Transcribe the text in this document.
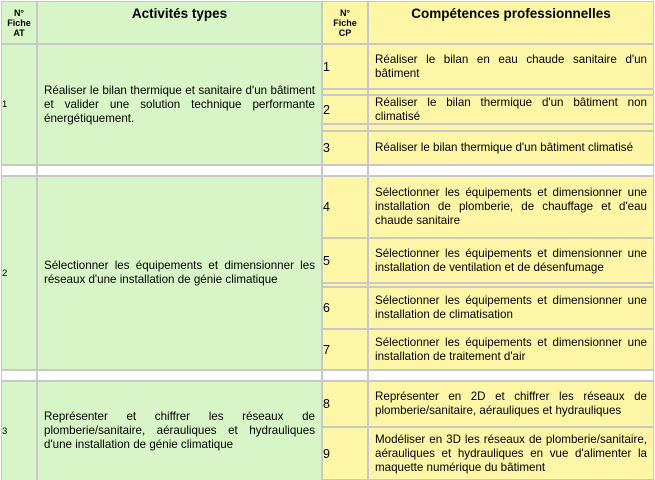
N°
Fiche
AT
Activités types	N°
Fiche
CP
Compétences professionnelles
1
Réaliser le bilan thermique et sanitaire d'un bâtiment et valider une solution technique performante énergétiquement.
1
Réaliser le bilan en eau chaude sanitaire d'un bâtiment
2
Réaliser le bilan thermique d'un bâtiment non climatisé
3	Réaliser le bilan thermique d'un bâtiment climatisé
2
Sélectionner les équipements et dimensionner les réseaux d'une installation de génie climatique
4
Sélectionner les équipements et dimensionner une installation de plomberie, de chauffage et d'eau chaude sanitaire
5
Sélectionner les équipements et dimensionner une installation de ventilation et de désenfumage
6
Sélectionner les équipements et dimensionner une installation de climatisation
7
Sélectionner les équipements et dimensionner une installation de traitement d'air
3
Représenter et chiffrer les réseaux de plomberie/sanitaire, aérauliques et hydrauliques d'une installation de génie climatique
8
Représenter en 2D et chiffrer les réseaux de plomberie/sanitaire, aérauliques et hydrauliques
9
Modéliser en 3D les réseaux de plomberie/sanitaire, aérauliques et hydrauliques en vue d'alimenter la maquette numérique du bâtiment
